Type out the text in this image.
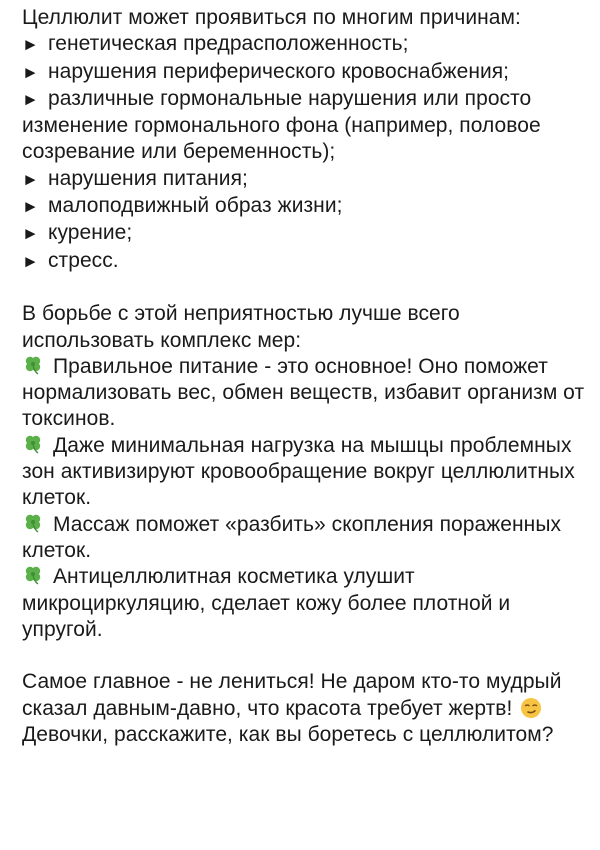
Целлюлит может проявиться по многим причинам:

► генетическая предрасположенность;
► нарушения периферического кровоснабжения;
► различные гормональные нарушения или просто изменение гормонального фона (например, половое созревание или беременность);
► нарушения питания;
► малоподвижный образ жизни;
► курение;
► стресс.

В борьбе с этой неприятностью лучше всего использовать комплекс мер:

Правильное питание - это основное! Оно поможет нормализовать вес, обмен веществ, избавит организм от токсинов.
Даже минимальная нагрузка на мышцы проблемных зон активизируют кровообращение вокруг целлюлитных клеток.
Массаж поможет «разбить» скопления пораженных клеток.
Антицеллюлитная косметика улушит микроциркуляцию, сделает кожу более плотной и упругой.

Самое главное - не лениться! Не даром кто-то мудрый сказал давным-давно, что красота требует жертв!  Девочки, расскажите, как вы боретесь с целлюлитом?
